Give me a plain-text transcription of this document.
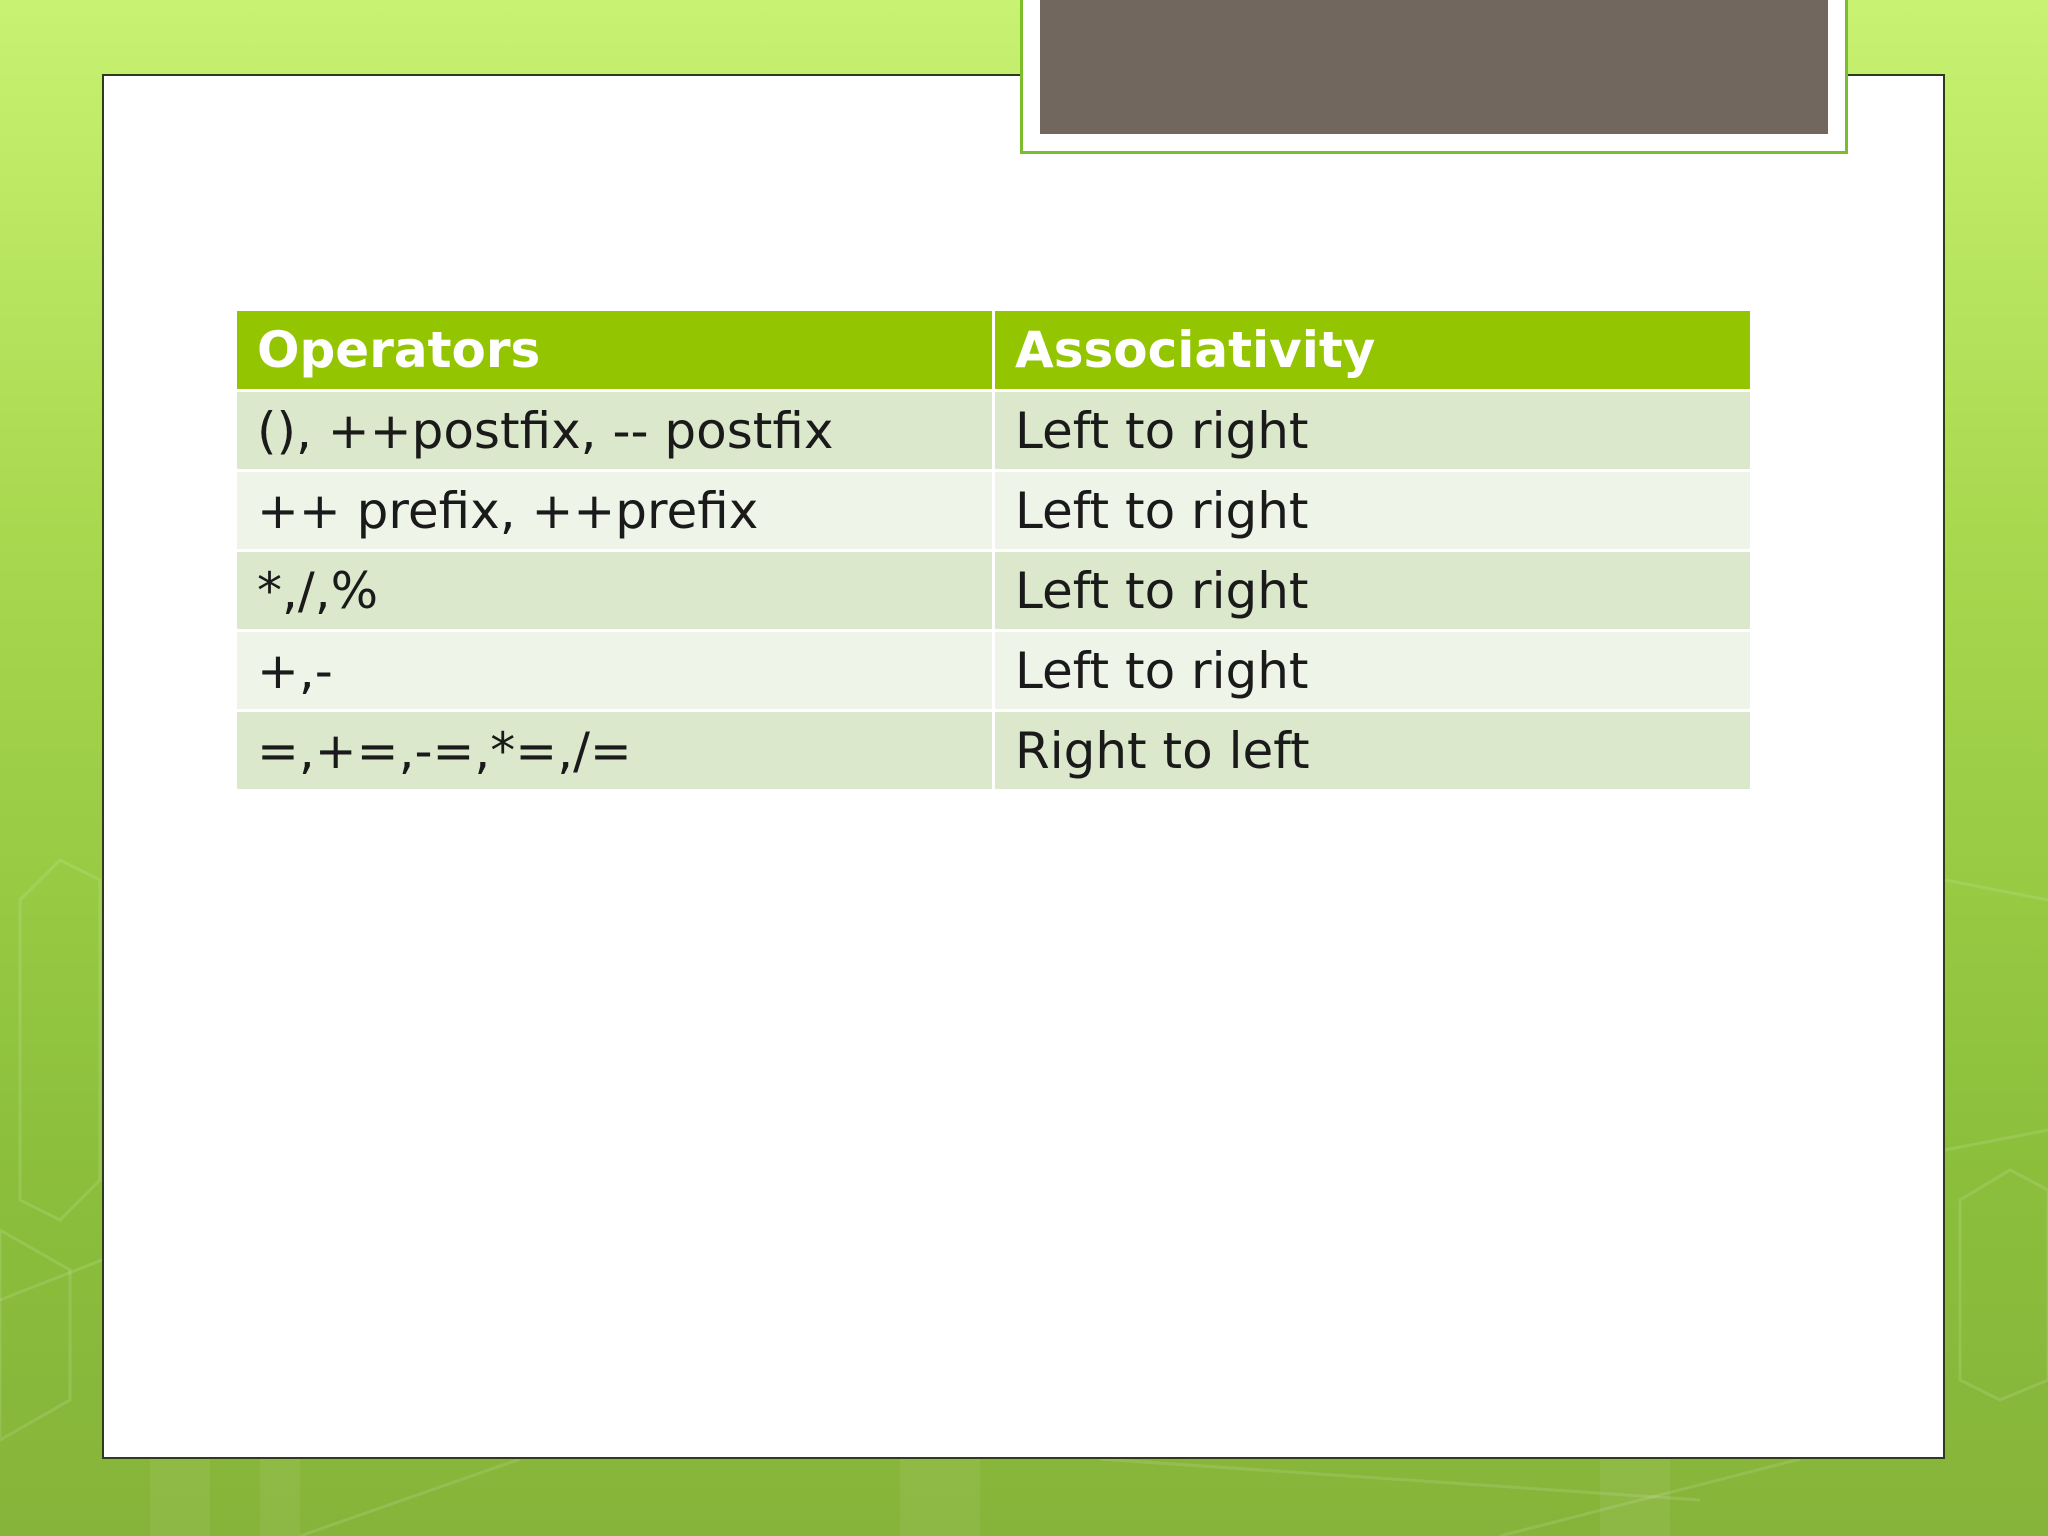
Operators	Associativity
(), ++postfix, -- postfix	Left to right
++ prefix, ++prefix	Left to right
*,/,%	Left to right
+,-	Left to right
=,+=,-=,*=,/=	Right to left
